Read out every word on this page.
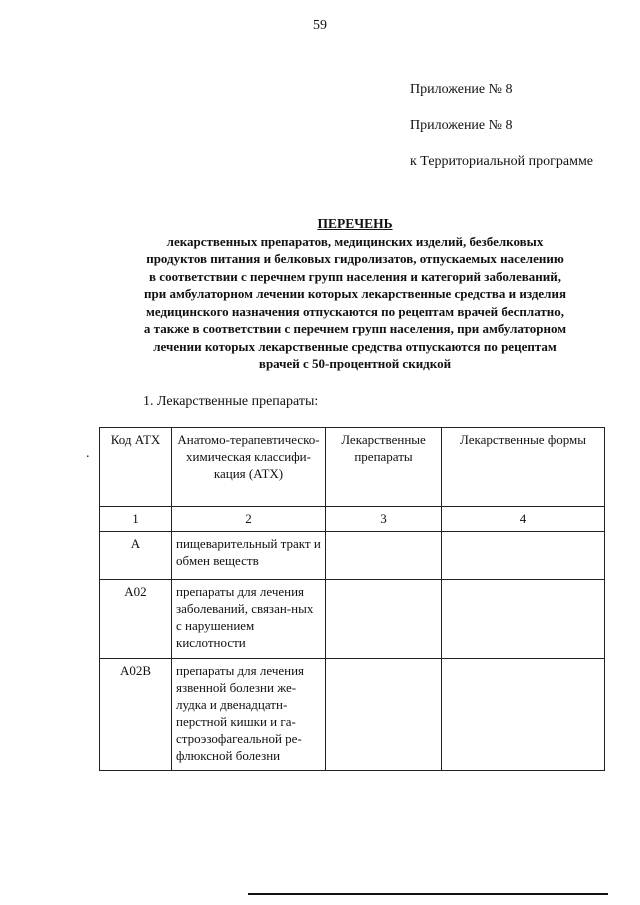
59
Приложение № 8
Приложение № 8
к Территориальной программе
ПЕРЕЧЕНЬ
лекарственных препаратов, медицинских изделий, безбелковых
продуктов питания и белковых гидролизатов, отпускаемых населению
в соответствии с перечнем групп населения и категорий заболеваний,
при амбулаторном лечении которых лекарственные средства и изделия
медицинского назначения отпускаются по рецептам врачей бесплатно,
а также в соответствии с перечнем групп населения, при амбулаторном
лечении которых лекарственные средства отпускаются по рецептам
врачей с 50-процентной скидкой
1. Лекарственные препараты:
.
Код АТХ	Анатомо-терапевтическо-химическая классифи-кация (АТХ)	Лекарственные препараты	Лекарственные формы
1	2	3	4
А	пищеварительный тракт и обмен веществ		
А02	препараты для лечения заболеваний, связан-ных с нарушением кислотности		
А02В	препараты для лечения язвенной болезни же-лудка и двенадцатн-перстной кишки и га-строэзофагеальной ре-флюксной болезни		
